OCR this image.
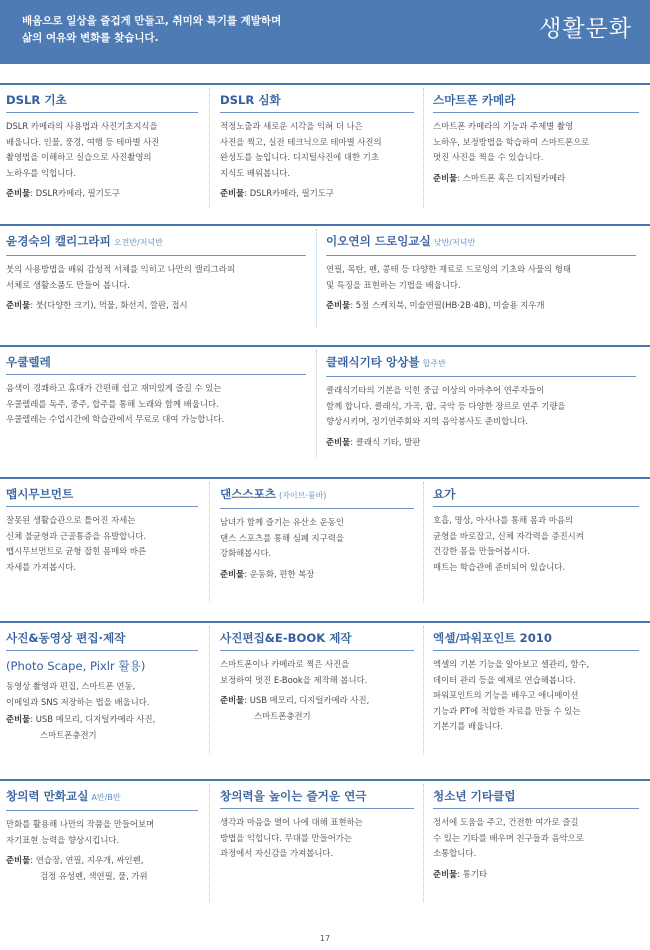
배움으로 일상을 즐겁게 만들고, 취미와 특기를 계발하며
삶의 여유와 변화를 찾습니다.	생활문화
DSLR 기초
DSLR 카메라의 사용법과 사진기초지식을
배웁니다. 인물, 풍경, 여행 등 테마별 사진
촬영법을 이해하고 실습으로 사진촬영의
노하우를 익힙니다.
준비물: DSLR카메라, 필기도구
DSLR 심화
적정노출과 새로운 시각을 익혀 더 나은
사진을 찍고, 실전 테크닉으로 테마별 사진의
완성도를 높입니다. 디지털사진에 대한 기초
지식도 배워봅니다.
준비물: DSLR카메라, 필기도구
스마트폰 카메라
스마트폰 카메라의 기능과 주제별 촬영
노하우, 보정방법을 학습하여 스마트폰으로
멋진 사진을 찍을 수 있습니다.
준비물: 스마트폰 혹은 디지털카메라
윤경숙의 캘리그라피 오전반/저녁반
붓의 사용방법을 배워 감성적 서체를 익히고 나만의 캘리그라피
서체로 생활소품도 만들어 봅니다.
준비물: 붓(다양한 크기), 먹물, 화선지, 깔판, 접시
이오연의 드로잉교실 낮반/저녁반
연필, 목탄, 펜, 콩테 등 다양한 재료로 드로잉의 기초와 사물의 형태
및 특징을 표현하는 기법을 배웁니다.
준비물: 5절 스케치북, 미술연필(HB·2B·4B), 미술용 지우개
우쿨렐레
음색이 경쾌하고 휴대가 간편해 쉽고 재미있게 즐길 수 있는
우쿨렐레를 독주, 중주, 합주를 통해 노래와 함께 배웁니다.
우쿨렐레는 수업시간에 학습관에서 무료로 대여 가능합니다.
클래식기타 앙상블 합주반
클래식기타의 기본을 익힌 중급 이상의 아마추어 연주자들이
함께 합니다. 클래식, 가곡, 팝, 국악 등 다양한 장르로 연주 기량을
향상시키며, 정기연주회와 지역 음악봉사도 준비합니다.
준비물: 클래식 기타, 발판
맵시무브먼트
잘못된 생활습관으로 틀어진 자세는
신체 불균형과 근골통증을 유발합니다.
맵시무브먼트로 균형 잡힌 몸매와 바른
자세를 가져봅시다.
댄스스포츠 (자이브·룸바)
남녀가 함께 즐기는 유산소 운동인
댄스 스포츠를 통해 심폐 지구력을
강화해봅시다.
준비물: 운동화, 편한 복장
요가
호흡, 명상, 아사나를 통해 몸과 마음의
균형을 바로잡고, 신체 자각력을 증진시켜
건강한 몸을 만들어봅시다.
매트는 학습관에 준비되어 있습니다.
사진&동영상 편집·제작
(Photo Scape, Pixlr 활용)
동영상 촬영과 편집, 스마트폰 연동,
이메일과 SNS 저장하는 법을 배웁니다.
준비물: USB 메모리, 디지털카메라 사진,
스마트폰충전기
사진편집&E-BOOK 제작
스마트폰이나 카메라로 찍은 사진을
보정하여 멋진 E-Book을 제작해 봅니다.
준비물: USB 메모리, 디지털카메라 사진,
스마트폰충전기
엑셀/파워포인트 2010
엑셀의 기본 기능을 알아보고 셀관리, 함수,
데이터 관리 등을 예제로 연습해봅니다.
파워포인트의 기능을 배우고 애니메이션
기능과 PT에 적합한 자료를 만들 수 있는
기본기를 배웁니다.
창의력 만화교실 A반/B반
만화를 활용해 나만의 작품을 만들어보며
자기표현 능력을 향상시킵니다.
준비물: 연습장, 연필, 지우개, 싸인펜,
검정 유성펜, 색연필, 풀, 가위
창의력을 높이는 즐거운 연극
생각과 마음을 열어 나에 대해 표현하는
방법을 익힙니다. 무대를 만들어가는
과정에서 자신감을 가져봅니다.
청소년 기타클럽
정서에 도움을 주고, 건전한 여가로 즐길
수 있는 기타를 배우며 친구들과 음악으로
소통합니다.
준비물: 통기타
17
